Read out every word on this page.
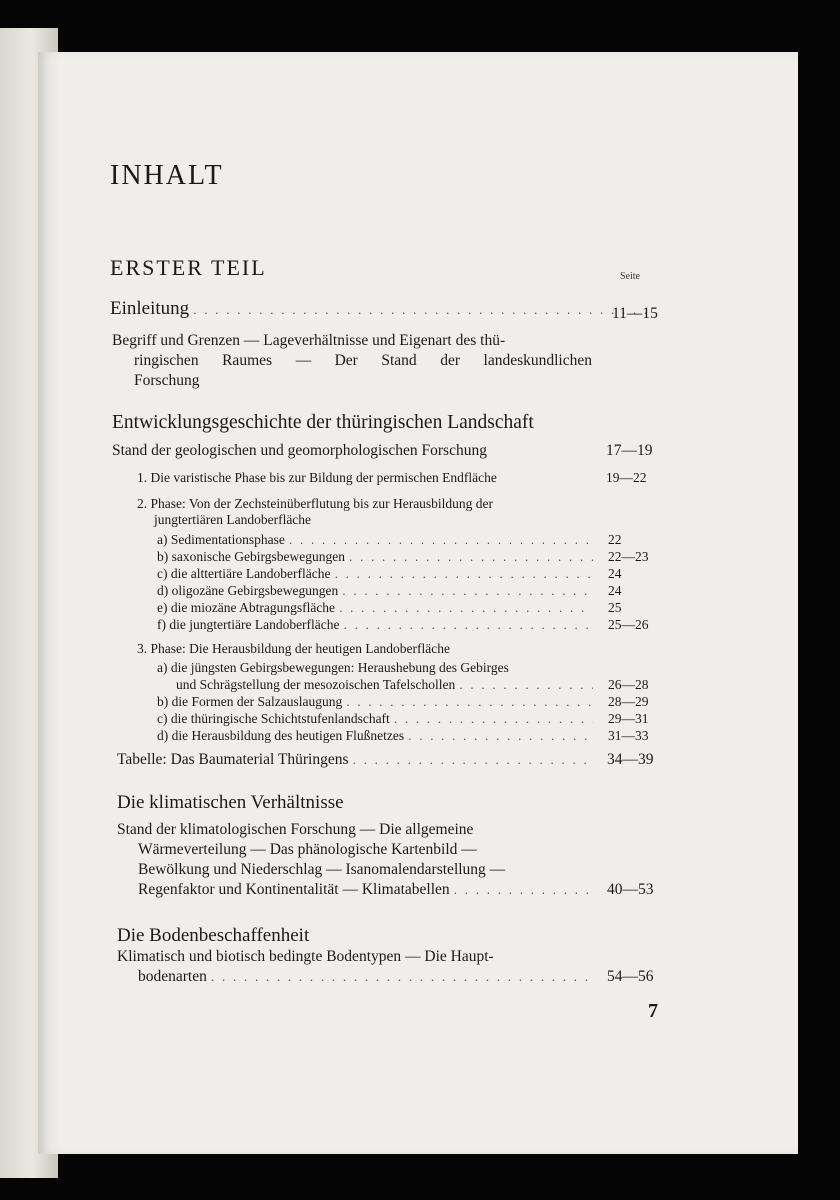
INHALT
ERSTER TEIL	Seite
Einleitung . . .	11—15
Begriff und Grenzen — Lageverhältnisse und Eigenart des thü-
ringischen Raumes — Der Stand der landeskundlichen
Forschung
Entwicklungsgeschichte der thüringischen Landschaft
Stand der geologischen und geomorphologischen Forschung	17—19
1. Die varistische Phase bis zur Bildung der permischen Endfläche	19—22
2. Phase: Von der Zechsteinüberflutung bis zur Herausbildung der
jungtertiären Landoberfläche
a) Sedimentationsphase . . .	22
b) saxonische Gebirgsbewegungen . . .	22—23
c) die alttertiäre Landoberfläche . . .	24
d) oligozäne Gebirgsbewegungen . . .	24
e) die miozäne Abtragungsfläche . . .	25
f) die jungtertiäre Landoberfläche . . .	25—26
3. Phase: Die Herausbildung der heutigen Landoberfläche
a) die jüngsten Gebirgsbewegungen: Heraushebung des Gebirges
und Schrägstellung der mesozoischen Tafelschollen . . .	26—28
b) die Formen der Salzauslaugung . . .	28—29
c) die thüringische Schichtstufenlandschaft . . .	29—31
d) die Herausbildung des heutigen Flußnetzes . . .	31—33
Tabelle: Das Baumaterial Thüringens . . .	34—39
Die klimatischen Verhältnisse
Stand der klimatologischen Forschung — Die allgemeine
Wärmeverteilung — Das phänologische Kartenbild —
Bewölkung und Niederschlag — Isanomalendarstellung —
Regenfaktor und Kontinentalität — Klimatabellen . . .	40—53
Die Bodenbeschaffenheit
Klimatisch und biotisch bedingte Bodentypen — Die Haupt-
bodenarten . . .	54—56
7
